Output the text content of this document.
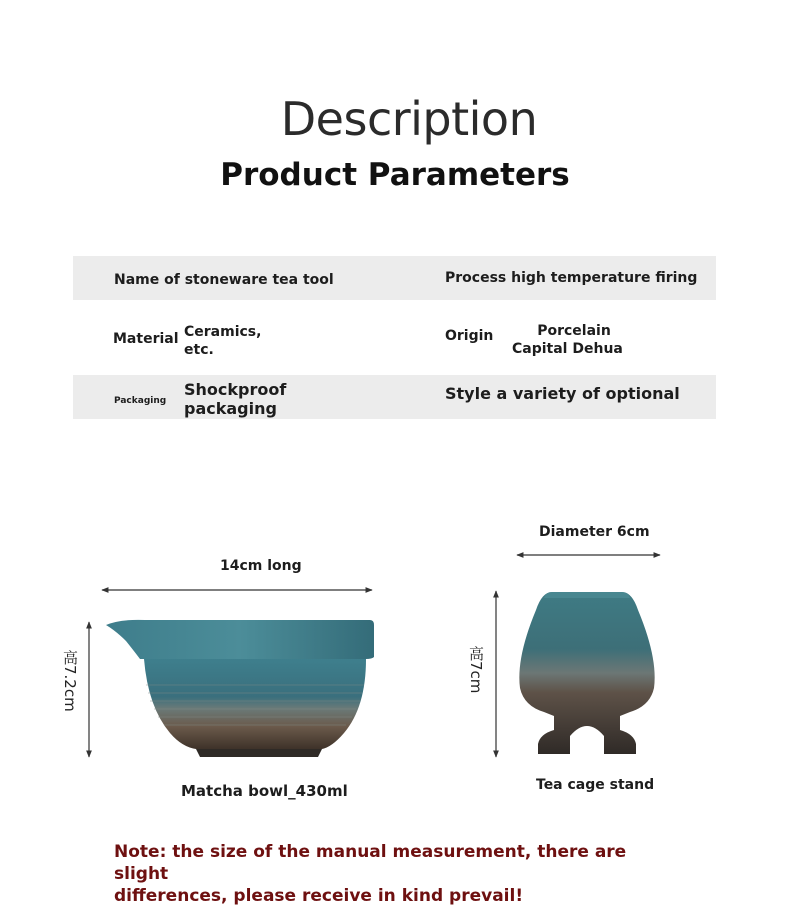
Description
Product Parameters
Name of stoneware tea tool	Process high temperature firing
Material Ceramics,
etc.
Origin	Porcelain
Capital Dehua
Packaging
Shockproof
packaging
Style a variety of optional
14cm long
高7.2cm
Matcha bowl_430ml
Diameter 6cm
高7cm
Tea cage stand
Note: the size of the manual measurement, there are slight
differences, please receive in kind prevail!
